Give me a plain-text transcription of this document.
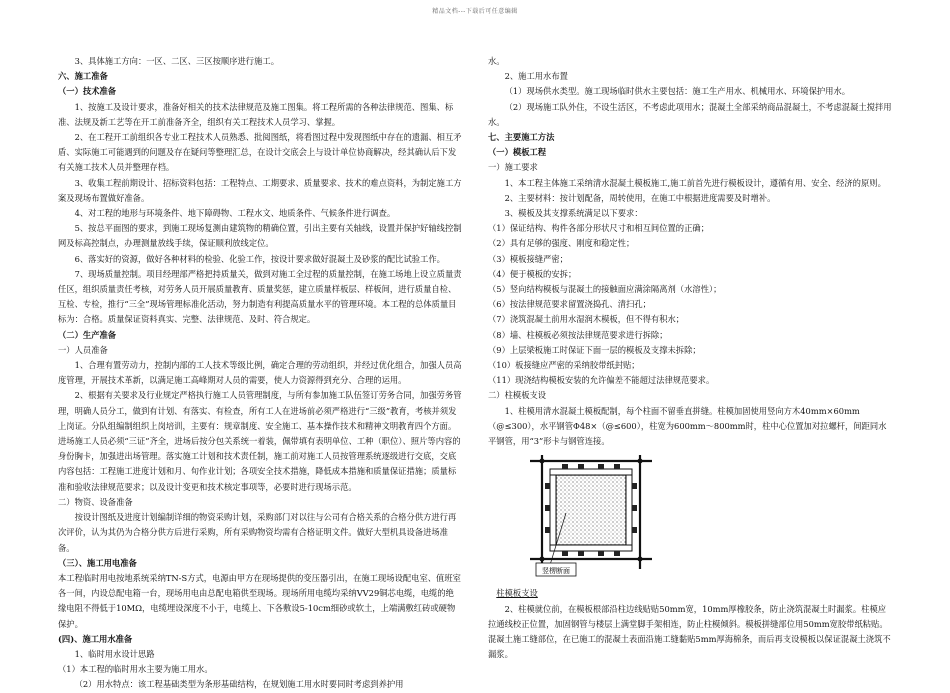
精品文档---下载后可任意编辑

3、具体施工方向：一区、二区、三区按顺序进行施工。

六、施工准备

（一）技术准备

1、按施工及设计要求，准备好相关的技术法律规范及施工图集。将工程所需的各种法律规范、图集、标准、法规及新工艺等在开工前准备齐全，组织有关工程技术人员学习、掌握。

2、在工程开工前组织各专业工程技术人员熟悉、批阅图纸，将看图过程中发现图纸中存在的遗漏、相互矛盾、实际施工可能遇到的问题及存在疑问等整理汇总，在设计交底会上与设计单位协商解决，经其确认后下发有关施工技术人员并整理存档。

3、收集工程前期设计、招标资料包括：工程特点、工期要求、质量要求、技术的难点资料，为制定施工方案及现场布置做好准备。

4、对工程的地形与环境条件、地下障碍物、工程水文、地质条件、气候条件进行调查。

5、按总平面图的要求，到施工现场复测由建筑物的精确位置，引出主要有关轴线，设置并保护好轴线控制网及标高控制点，办理测量放线手续，保证顺利放线定位。

6、落实好的资源，做好各种材料的检验、化验工作，按设计要求做好混凝土及砂浆的配比试验工作。

7、现场质量控制。项目经理部严格把持质量关，做到对施工全过程的质量控制，在施工场地上设立质量责任区，组织质量责任考核，对劳务人员开展质量教育、质量奖惩，建立质量样板层、样板间，进行质量自检、互检、专检，推行“三全”现场管理标准化活动，努力制造有利提高质量水平的管理环境。本工程的总体质量目标为：合格。质量保证资料真实、完整、法律规范、及时、符合规定。

（二）生产准备

一）人员准备

1、合理有置劳动力，控制内部的工人技术等级比例，确定合理的劳动组织，并经过优化组合，加强人员高度管理，开展技术革新，以满足施工高峰期对人员的需要，使人力资源得到充分、合理的运用。

2、根据有关要求及行业规定严格执行施工人员管理制度，与所有参加施工队伍签订劳务合同，加强劳务管理，明确人员分工，做到有计划、有落实、有检查，所有工人在进场前必须严格进行“三级”教育，考核并须发上岗证。分队组编制组织上岗培训，主要有：规章制度、安全施工、基本操作技术和精神文明教育四个方面。进场施工人员必须“三证”齐全，进场后按分包关系统一着装，佩带填有表明单位、工种（职位）、照片等内容的身份胸卡，加强进出场管理。落实施工计划和技术责任制，施工前对施工人员按管理系统逐级进行交底，交底内容包括：工程施工进度计划和月、旬作业计划；各项安全技术措施，降低成本措施和质量保证措施；质量标准和验收法律规范要求；以及设计变更和技术核定事项等，必要时进行现场示范。

二）物资、设备准备

按设计图纸及进度计划编制详细的物资采购计划，采购部门对以往与公司有合格关系的合格分供方进行再次评价，认为其仍为合格分供方后进行采购，所有采购物资均需有合格证明文件。做好大型机具设备进场准备。

（三）、施工用电准备

本工程临时用电按地系统采纳TN-S方式，电源由甲方在现场提供的变压器引出，在施工现场设配电室、值班室各一间，内设总配电箱一台，现场用电由总配电箱供至现场。现场所用电缆均采纳VV29铜芯电缆，电缆的绝缘电阻不得低于10MΩ，电缆埋设深度不小于，电缆上、下各敷设5-10cm细砂或软土，上端满敷红砖或硬物保护。

(四)、施工用水准备

1、临时用水设计思路

（1）本工程的临时用水主要为施工用水。

（2）用水特点：该工程基础类型为条形基础结构，在规划施工用水时要同时考虑到养护用

水。

2、施工用水布置

（1）现场供水类型。施工现场临时供水主要包括：施工生产用水、机械用水、环境保护用水。

（2）现场施工队外住，不设生活区，不考虑此项用水；混凝土全部采纳商品混凝土，不考虑混凝土搅拌用水。

七、主要施工方法

（一）模板工程

一）施工要求

1、本工程主体施工采纳清水混凝土模板施工,施工前首先进行模板设计，遵循有用、安全、经济的原则。

2、主要材料：按计划配备，周转使用，在施工中根据进度需要及时增补。

3、模板及其支撑系统满足以下要求：

（1）保证结构、构件各部分形状尺寸和相互间位置的正确；

（2）具有足够的强度、刚度和稳定性；

（3）模板接缝严密；

（4）便于模板的安拆；

（5）竖向结构模板与混凝土的接触面应满涂隔离剂（水溶性）；

（6）按法律规范要求留置浇捣孔、清扫孔；

（7）浇筑混凝土前用水湿润木模板，但不得有积水；

（8）墙、柱模板必须按法律规范要求进行拆除；

（9）上层梁板施工时保证下面一层的模板及支撑未拆除；

（10）板接缝应严密的采纳胶带纸封贴；

（11）现浇结构模板安装的允许偏差不能超过法律规范要求。

二）柱模板支设

1、柱模用清水混凝土模板配制，每个柱面不留垂直拼缝。柱模加固使用竖向方木40mm×60mm（@≤300），水平钢管Φ48×（@≤600），柱宽为600mm～800mm时，柱中心位置加对拉螺杆，间距同水平钢管，用“3”形卡与钢管连接。

竖楞断面

柱模板支设

2、柱模就位前，在模板根部沿柱边线贴贴50mm宽，10mm厚橡胶条，防止浇筑混凝土时漏浆。柱模应拉通线校正位置，加固钢管与楼层上满堂脚手架相连，防止柱模倾斜。模板拼缝部位用50mm宽胶带纸粘贴。混凝土施工缝部位，在已施工的混凝土表面沿施工缝黏贴5mm厚海棉条，而后再支设模板以保证混凝土浇筑不漏浆。
